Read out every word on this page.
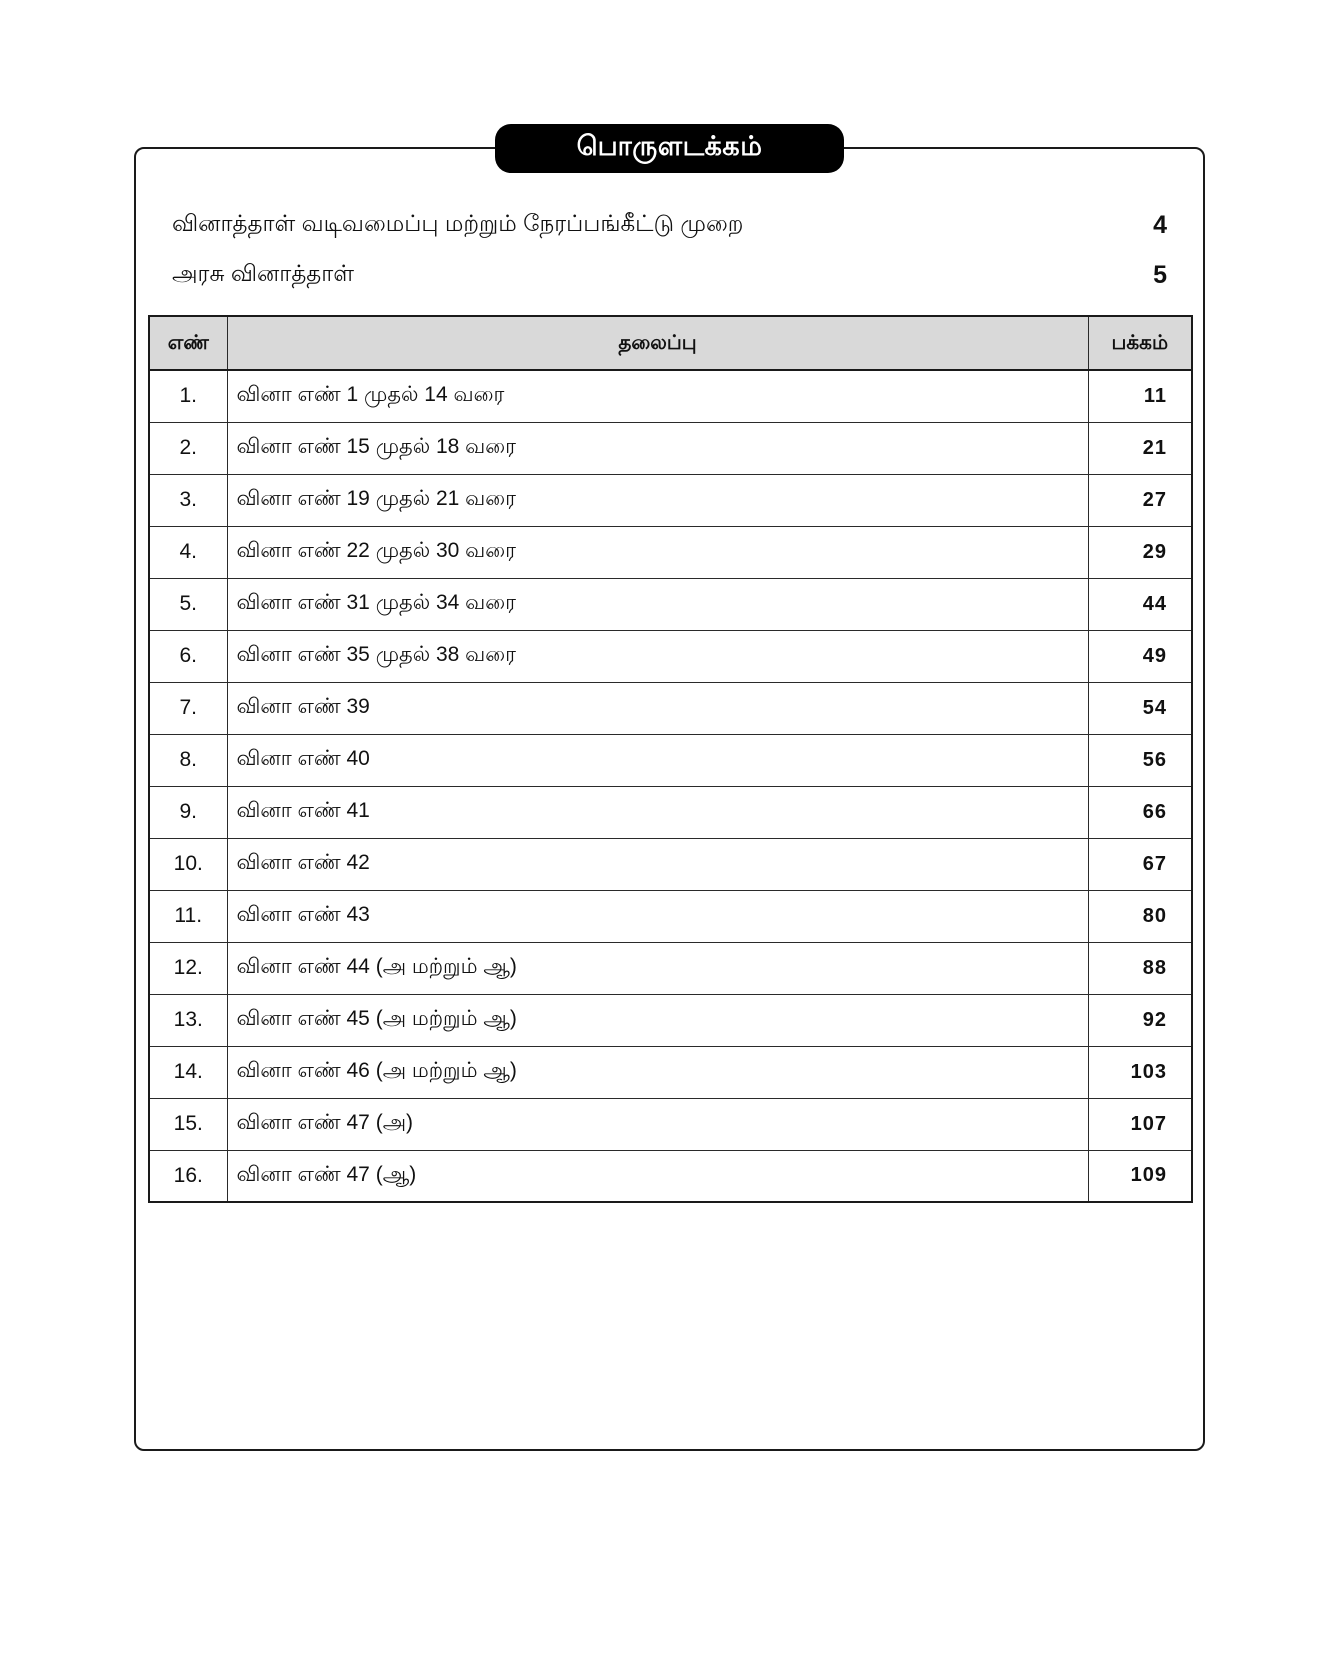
பொருளடக்கம்
வினாத்தாள் வடிவமைப்பு மற்றும் நேரப்பங்கீட்டு முறை	4
அரசு வினாத்தாள்	5
எண்	தலைப்பு	பக்கம்
1.	வினா எண் 1 முதல் 14 வரை	11
2.	வினா எண் 15 முதல் 18 வரை	21
3.	வினா எண் 19 முதல் 21 வரை	27
4.	வினா எண் 22 முதல் 30 வரை	29
5.	வினா எண் 31 முதல் 34 வரை	44
6.	வினா எண் 35 முதல் 38 வரை	49
7.	வினா எண் 39	54
8.	வினா எண் 40	56
9.	வினா எண் 41	66
10.	வினா எண் 42	67
11.	வினா எண் 43	80
12.	வினா எண் 44 (அ மற்றும் ஆ)	88
13.	வினா எண் 45 (அ மற்றும் ஆ)	92
14.	வினா எண் 46 (அ மற்றும் ஆ)	103
15.	வினா எண் 47 (அ)	107
16.	வினா எண் 47 (ஆ)	109
